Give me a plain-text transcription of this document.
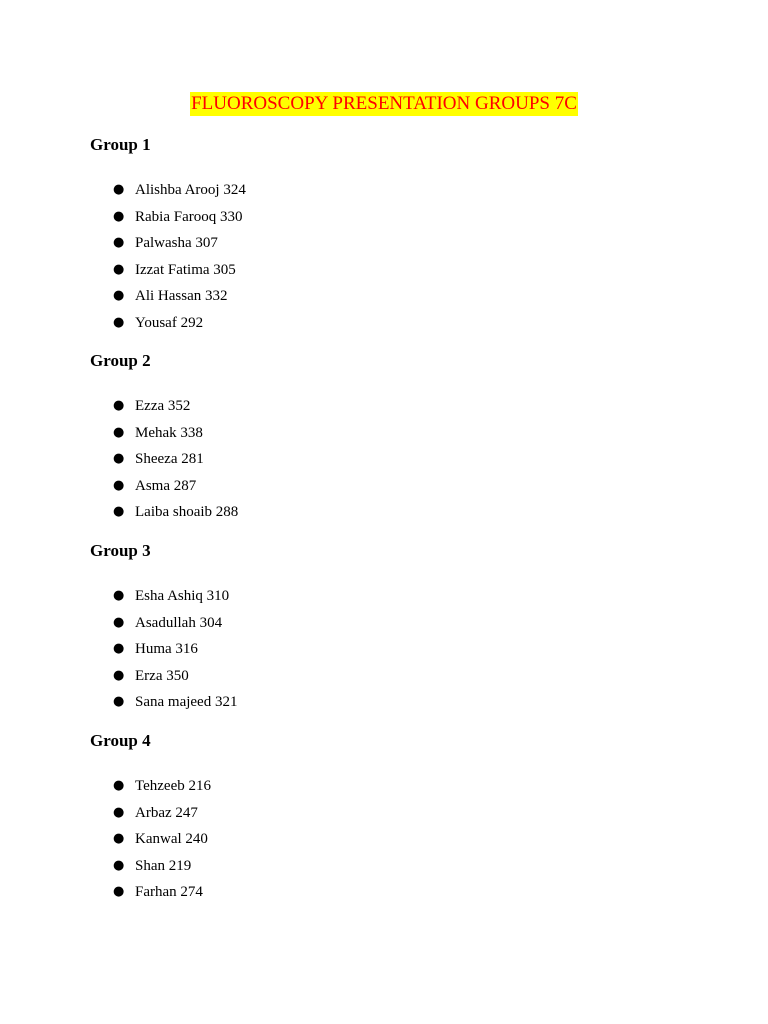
FLUOROSCOPY PRESENTATION GROUPS 7C
Group 1
● Alishba Arooj 324
● Rabia Farooq 330
● Palwasha 307
● Izzat Fatima 305
● Ali Hassan 332
● Yousaf 292
Group 2
● Ezza 352
● Mehak 338
● Sheeza 281
● Asma 287
● Laiba shoaib 288
Group 3
● Esha Ashiq 310
● Asadullah 304
● Huma 316
● Erza 350
● Sana majeed 321
Group 4
● Tehzeeb 216
● Arbaz 247
● Kanwal 240
● Shan 219
● Farhan 274
